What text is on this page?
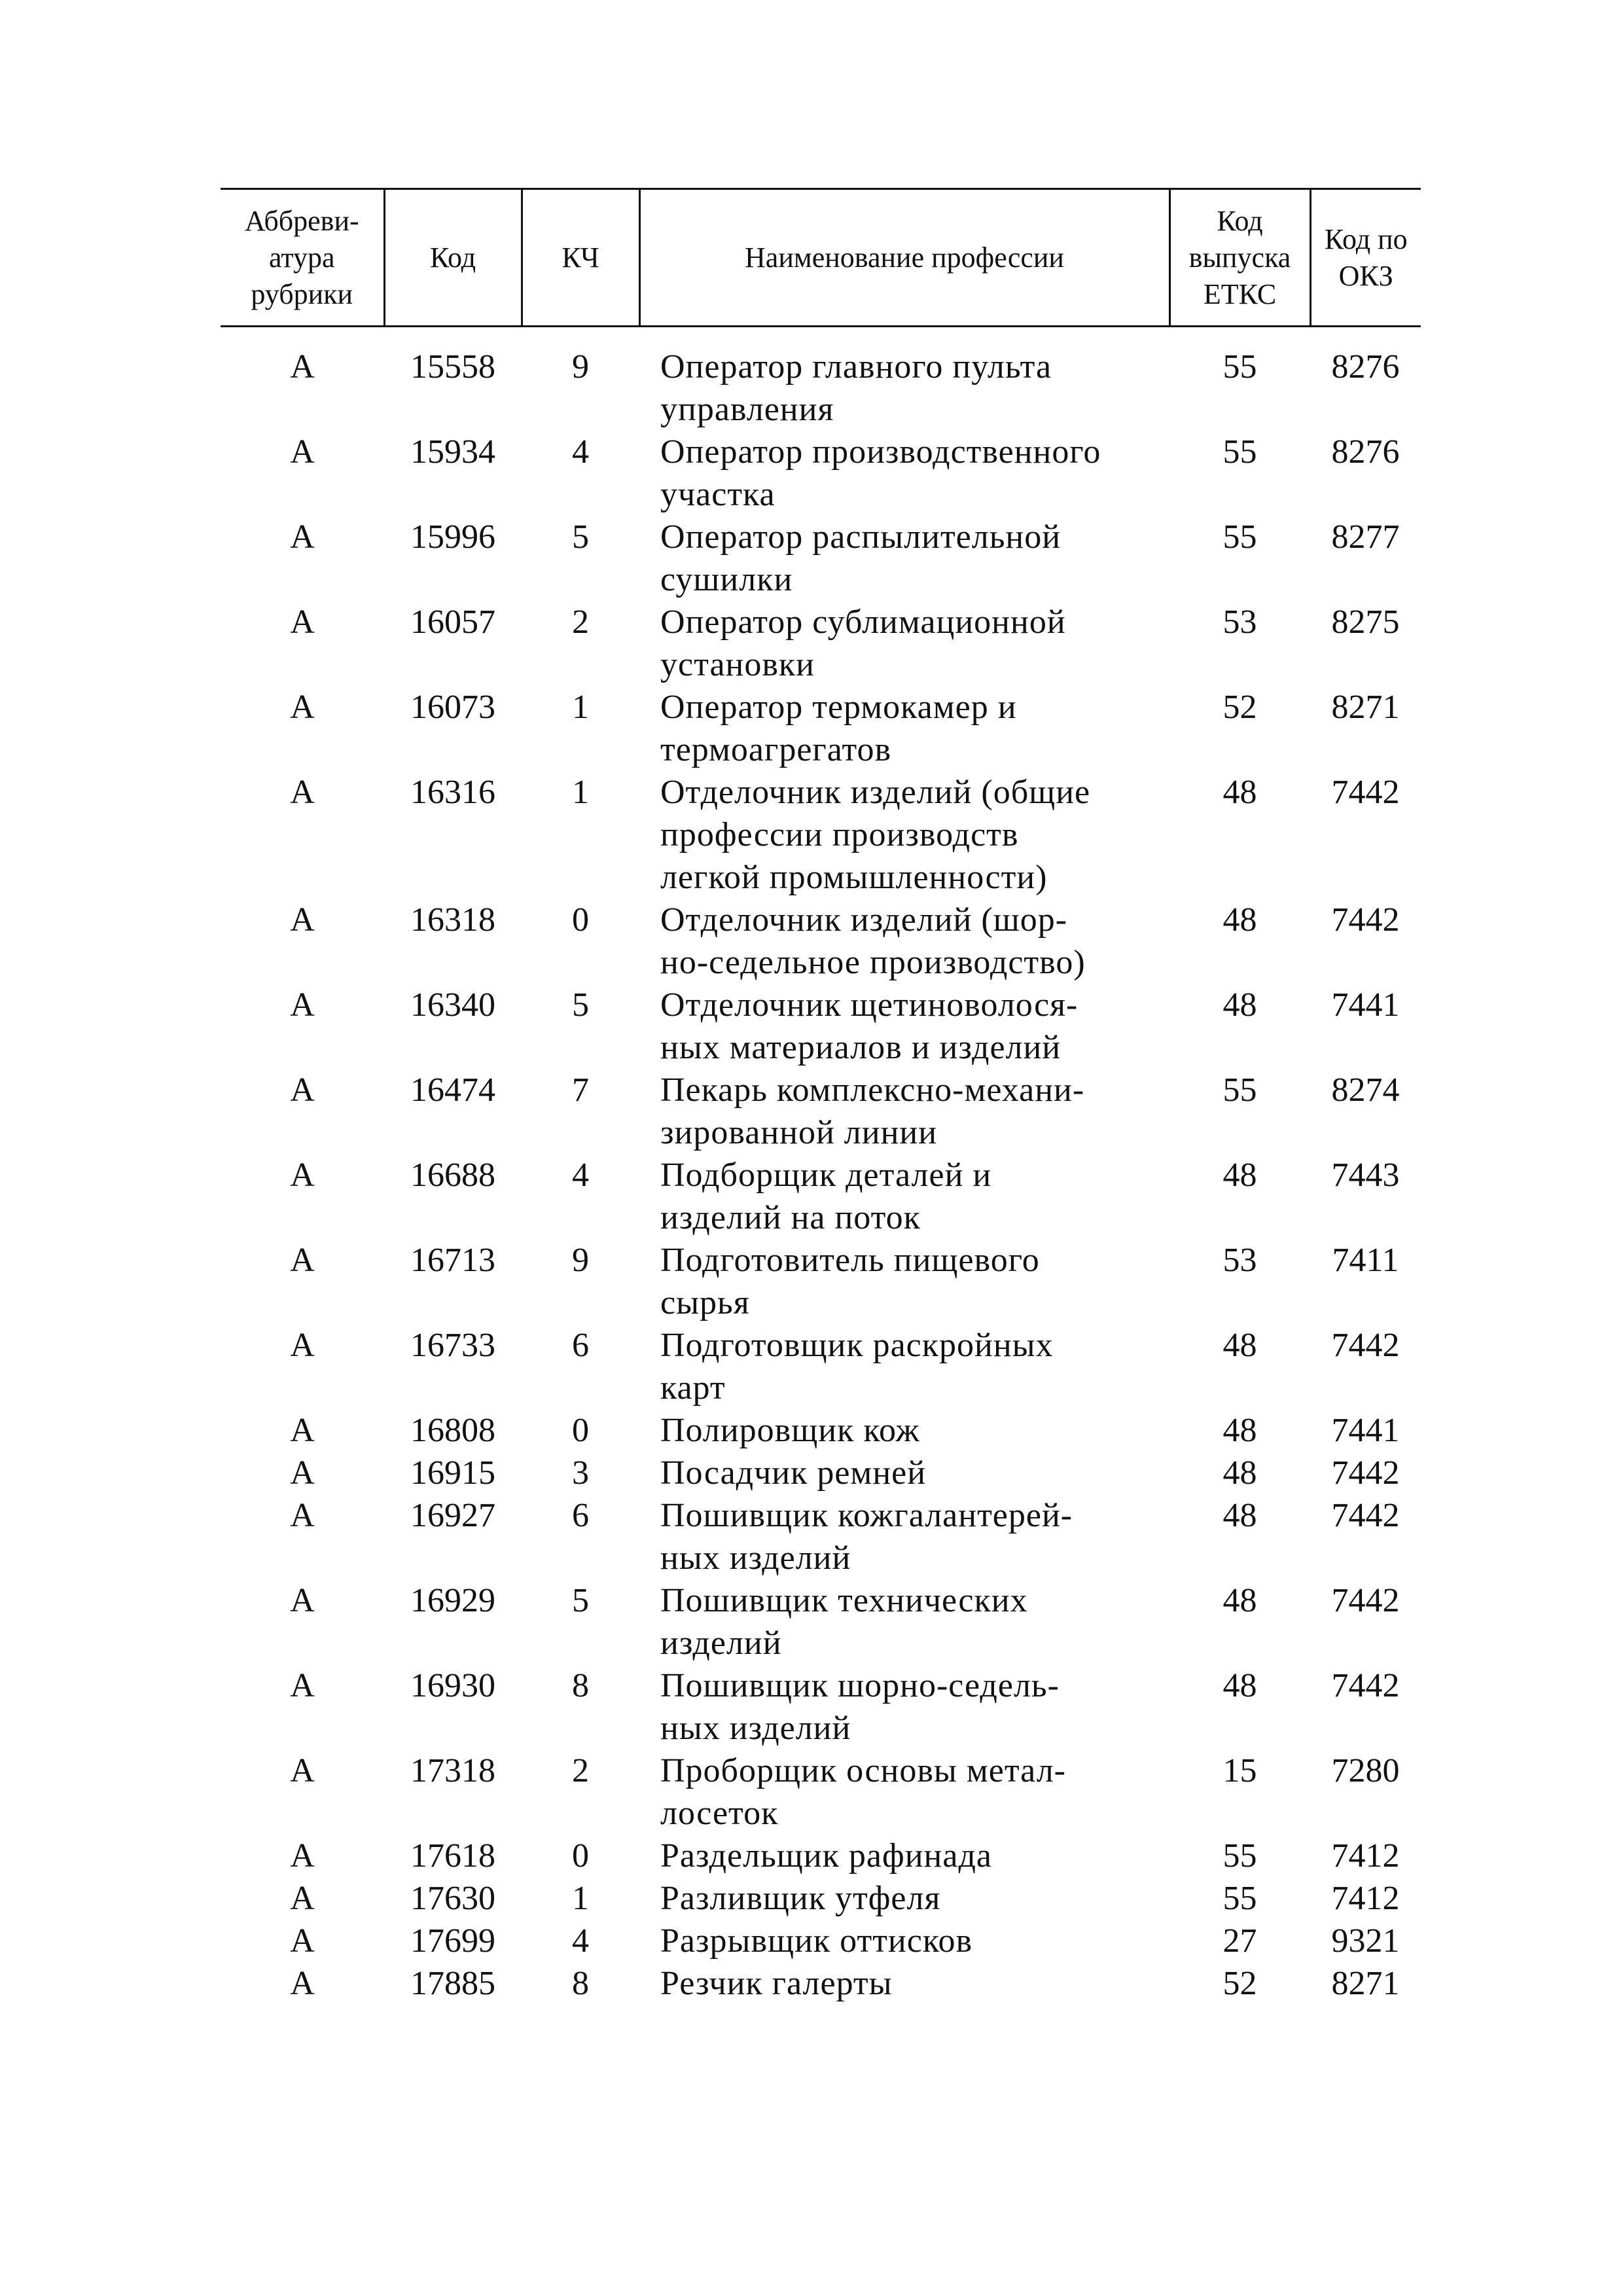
Аббреви-
атура
рубрики	Код	КЧ	Наименование профессии	Код
выпуска
ЕТКС	Код по
ОКЗ

А	15558	9	Оператор главного пульта
управления	55	8276
А	15934	4	Оператор производственного
участка	55	8276
А	15996	5	Оператор распылительной
сушилки	55	8277
А	16057	2	Оператор сублимационной
установки	53	8275
А	16073	1	Оператор термокамер и
термоагрегатов	52	8271
А	16316	1	Отделочник изделий (общие
профессии производств
легкой промышленности)	48	7442
А	16318	0	Отделочник изделий (шор-
но-седельное производство)	48	7442
А	16340	5	Отделочник щетиноволося-
ных материалов и изделий	48	7441
А	16474	7	Пекарь комплексно-механи-
зированной линии	55	8274
А	16688	4	Подборщик деталей и
изделий на поток	48	7443
А	16713	9	Подготовитель пищевого
сырья	53	7411
А	16733	6	Подготовщик раскройных
карт	48	7442
А	16808	0	Полировщик кож	48	7441
А	16915	3	Посадчик ремней	48	7442
А	16927	6	Пошивщик кожгалантерей-
ных изделий	48	7442
А	16929	5	Пошивщик технических
изделий	48	7442
А	16930	8	Пошивщик шорно-седель-
ных изделий	48	7442
А	17318	2	Проборщик основы метал-
лосеток	15	7280
А	17618	0	Раздельщик рафинада	55	7412
А	17630	1	Разливщик утфеля	55	7412
А	17699	4	Разрывщик оттисков	27	9321
А	17885	8	Резчик галерты	52	8271
